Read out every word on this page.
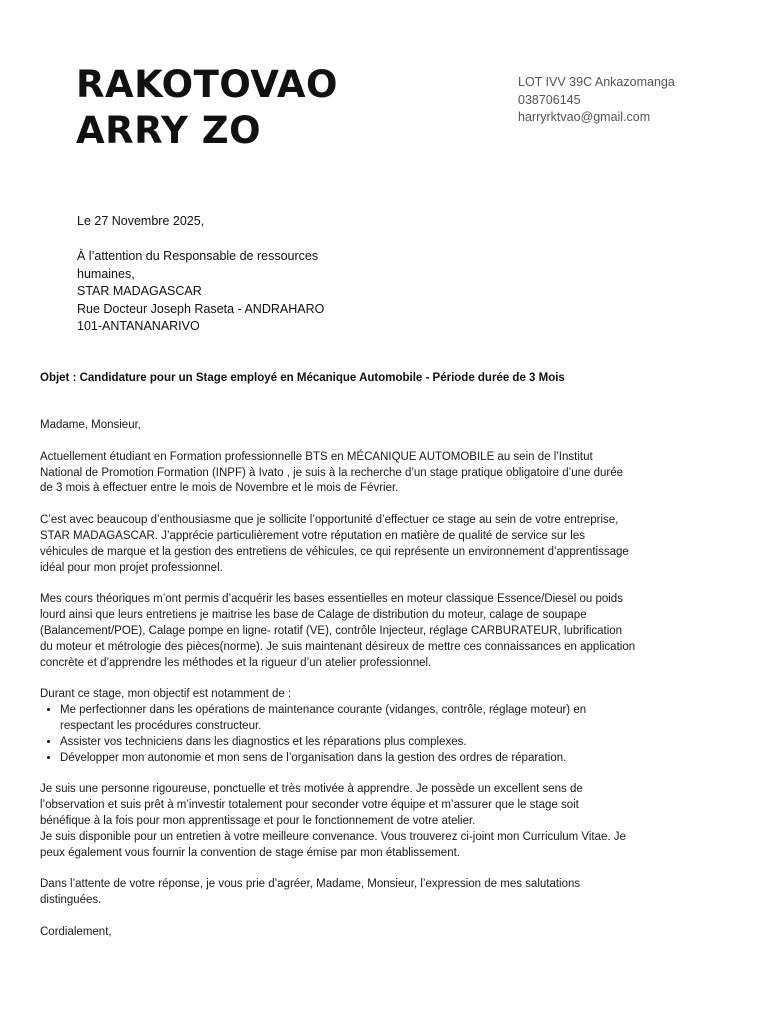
RAKOTOVAO
ARRY ZO
LOT IVV 39C Ankazomanga
038706145
harryrktvao@gmail.com
Le 27 Novembre 2025,
À l’attention du Responsable de ressources
humaines,
STAR MADAGASCAR
Rue Docteur Joseph Raseta - ANDRAHARO
101-ANTANANARIVO
Objet : Candidature pour un Stage employé en Mécanique Automobile - Période durée de 3 Mois

Madame, Monsieur,

Actuellement étudiant en Formation professionnelle BTS en MÉCANIQUE AUTOMOBILE au sein de l’Institut
National de Promotion Formation (INPF) à Ivato , je suis à la recherche d’un stage pratique obligatoire d’une durée
de 3 mois à effectuer entre le mois de Novembre et le mois de Février.

C’est avec beaucoup d’enthousiasme que je sollicite l’opportunité d’effectuer ce stage au sein de votre entreprise,
STAR MADAGASCAR. J’apprécie particulièrement votre réputation en matière de qualité de service sur les
véhicules de marque et la gestion des entretiens de véhicules, ce qui représente un environnement d’apprentissage
idéal pour mon projet professionnel.

Mes cours théoriques m’ont permis d’acquérir les bases essentielles en moteur classique Essence/Diesel ou poids
lourd ainsi que leurs entretiens je maitrise les base de Calage de distribution du moteur, calage de soupape
(Balancement/POE), Calage pompe en ligne- rotatif (VE), contrôle Injecteur, réglage CARBURATEUR, lubrification
du moteur et métrologie des pièces(norme). Je suis maintenant désireux de mettre ces connaissances en application
concrète et d’apprendre les méthodes et la rigueur d’un atelier professionnel.

Durant ce stage, mon objectif est notamment de :
• Me perfectionner dans les opérations de maintenance courante (vidanges, contrôle, réglage moteur) en
respectant les procédures constructeur.
• Assister vos techniciens dans les diagnostics et les réparations plus complexes.
• Développer mon autonomie et mon sens de l’organisation dans la gestion des ordres de réparation.

Je suis une personne rigoureuse, ponctuelle et très motivée à apprendre. Je possède un excellent sens de
l’observation et suis prêt à m’investir totalement pour seconder votre équipe et m’assurer que le stage soit
bénéfique à la fois pour mon apprentissage et pour le fonctionnement de votre atelier.
Je suis disponible pour un entretien à votre meilleure convenance. Vous trouverez ci-joint mon Curriculum Vitae. Je
peux également vous fournir la convention de stage émise par mon établissement.

Dans l’attente de votre réponse, je vous prie d’agréer, Madame, Monsieur, l’expression de mes salutations
distinguées.

Cordialement,
